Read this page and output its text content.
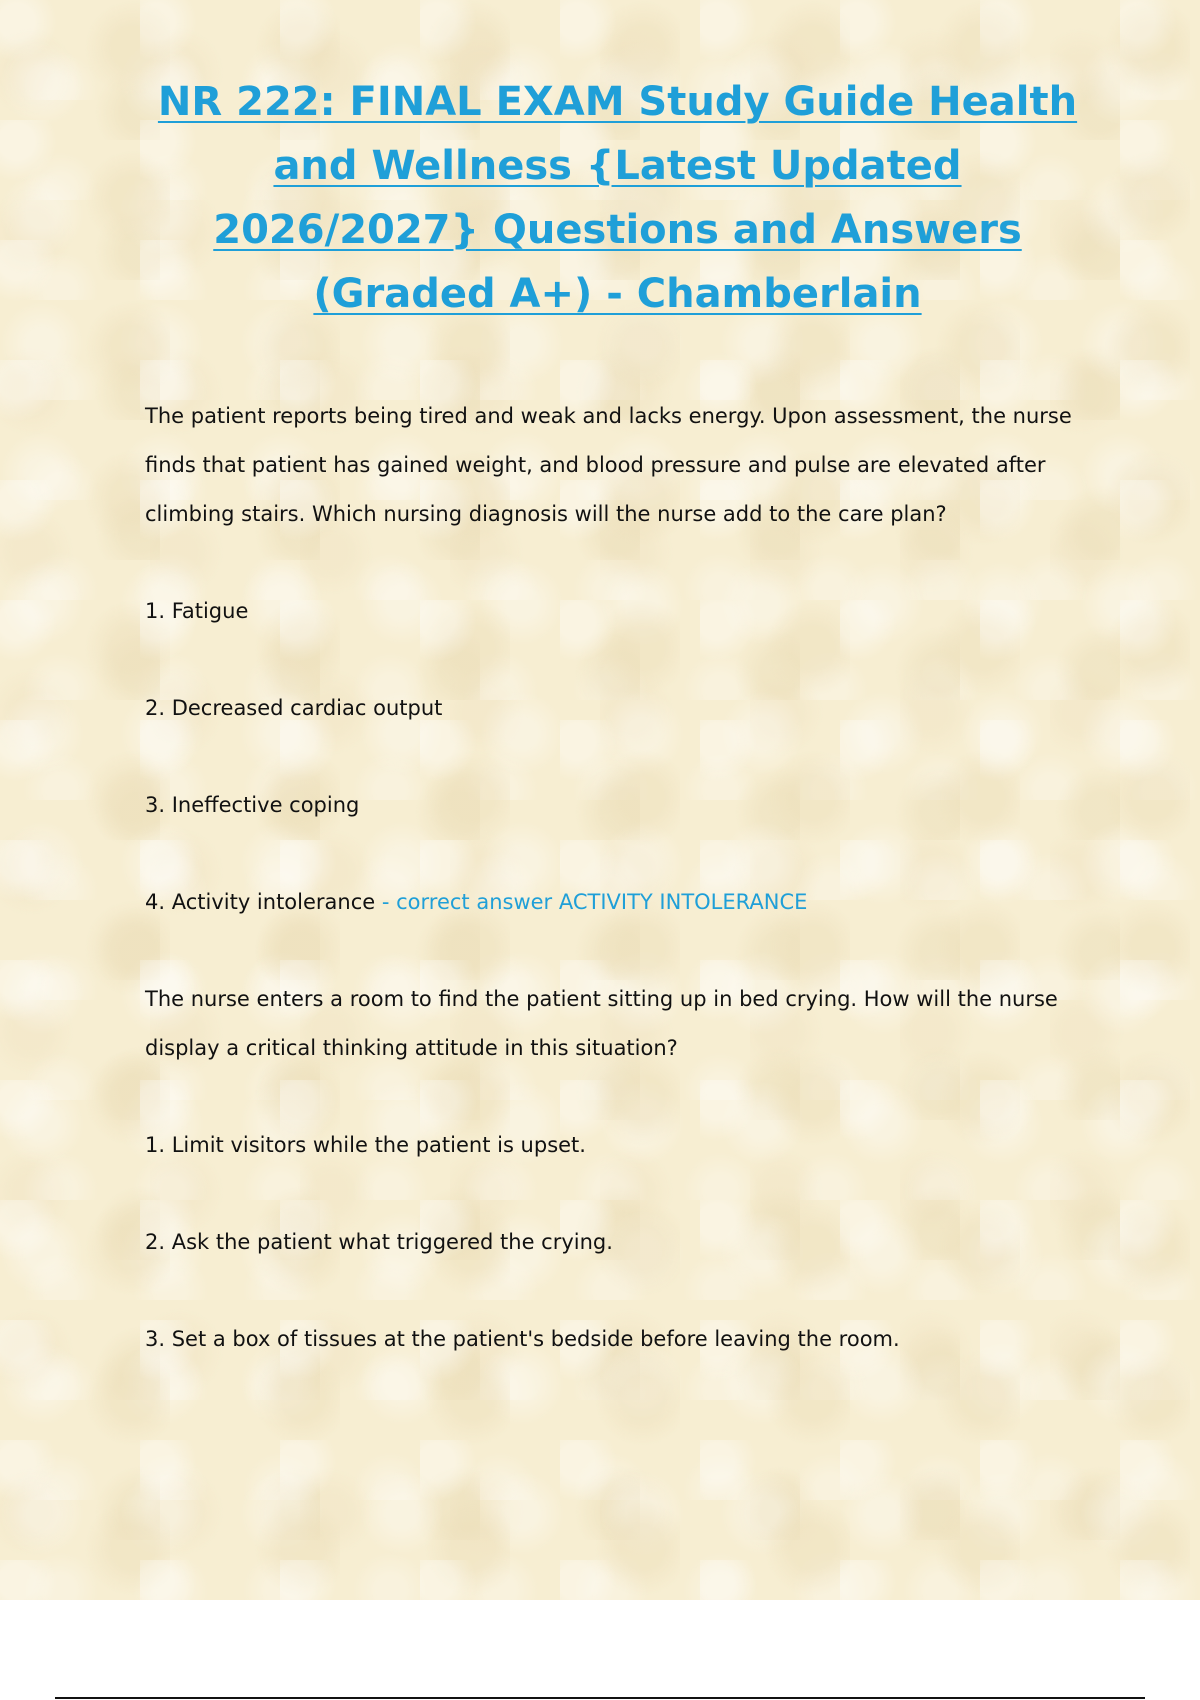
NR 222: FINAL EXAM Study Guide Health and Wellness {Latest Updated 2026/2027} Questions and Answers (Graded A+) - Chamberlain

The patient reports being tired and weak and lacks energy. Upon assessment, the nurse finds that patient has gained weight, and blood pressure and pulse are elevated after climbing stairs. Which nursing diagnosis will the nurse add to the care plan?

1. Fatigue

2. Decreased cardiac output

3. Ineffective coping

4. Activity intolerance - correct answer ACTIVITY INTOLERANCE

The nurse enters a room to find the patient sitting up in bed crying. How will the nurse display a critical thinking attitude in this situation?

1. Limit visitors while the patient is upset.

2. Ask the patient what triggered the crying.

3. Set a box of tissues at the patient's bedside before leaving the room.
